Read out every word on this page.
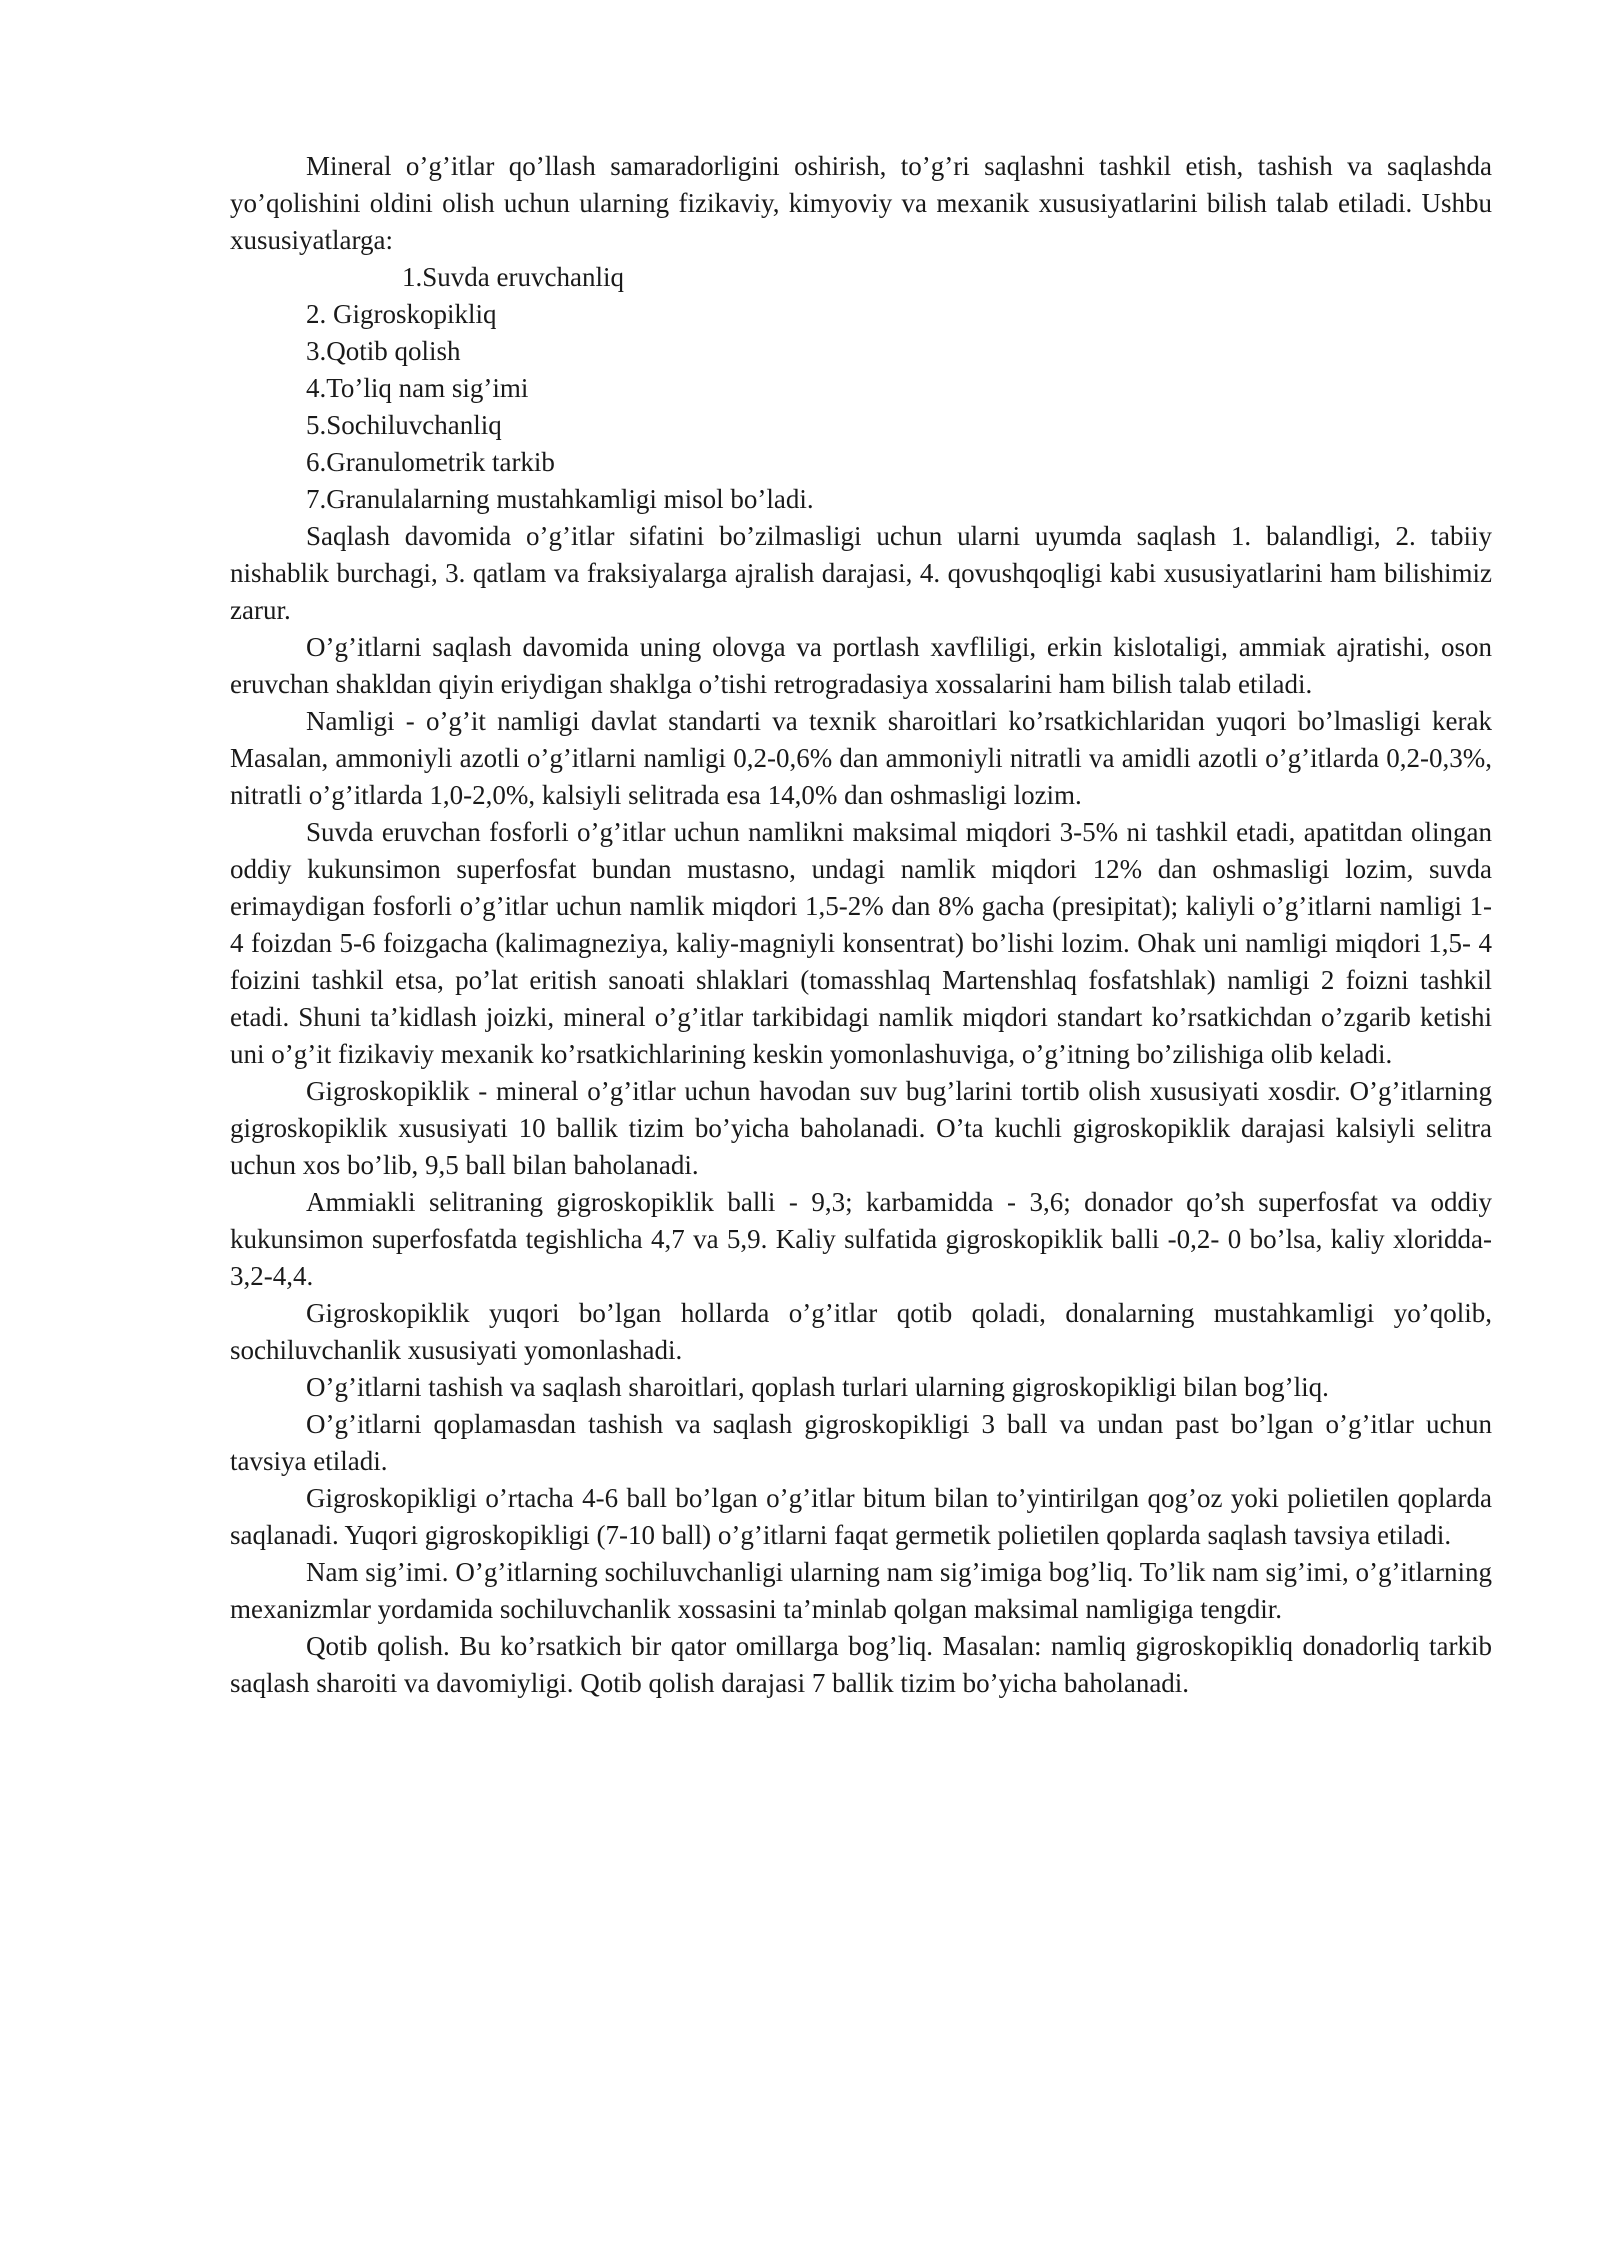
Mineral o’g’itlar qo’llash samaradorligini oshirish, to’g’ri saqlashni tashkil etish, tashish va saqlashda yo’qolishini oldini olish uchun ularning fizikaviy, kimyoviy va mexanik xususiyatlarini bilish talab etiladi. Ushbu xususiyatlarga:

1.Suvda eruvchanliq
2. Gigroskopikliq
3.Qotib qolish
4.To’liq nam sig’imi
5.Sochiluvchanliq
6.Granulometrik tarkib
7.Granulalarning mustahkamligi misol bo’ladi.

Saqlash davomida o’g’itlar sifatini bo’zilmasligi uchun ularni uyumda saqlash 1. balandligi, 2. tabiiy nishablik burchagi, 3. qatlam va fraksiyalarga ajralish darajasi, 4. qovushqoqligi kabi xususiyatlarini ham bilishimiz zarur.

O’g’itlarni saqlash davomida uning olovga va portlash xavfliligi, erkin kislotaligi, ammiak ajratishi, oson eruvchan shakldan qiyin eriydigan shaklga o’tishi retrogradasiya xossalarini ham bilish talab etiladi.

Namligi - o’g’it namligi davlat standarti va texnik sharoitlari ko’rsatkichlaridan yuqori bo’lmasligi kerak Masalan, ammoniyli azotli o’g’itlarni namligi 0,2-0,6% dan ammoniyli nitratli va amidli azotli o’g’itlarda 0,2-0,3%, nitratli o’g’itlarda 1,0-2,0%, kalsiyli selitrada esa 14,0% dan oshmasligi lozim.

Suvda eruvchan fosforli o’g’itlar uchun namlikni maksimal miqdori 3-5% ni tashkil etadi, apatitdan olingan oddiy kukunsimon superfosfat bundan mustasno, undagi namlik miqdori 12% dan oshmasligi lozim, suvda erimaydigan fosforli o’g’itlar uchun namlik miqdori 1,5-2% dan 8% gacha (presipitat); kaliyli o’g’itlarni namligi 1-4 foizdan 5-6 foizgacha (kalimagneziya, kaliy-magniyli konsentrat) bo’lishi lozim. Ohak uni namligi miqdori 1,5- 4 foizini tashkil etsa, po’lat eritish sanoati shlaklari (tomasshlaq Martenshlaq fosfatshlak) namligi 2 foizni tashkil etadi. Shuni ta’kidlash joizki, mineral o’g’itlar tarkibidagi namlik miqdori standart ko’rsatkichdan o’zgarib ketishi uni o’g’it fizikaviy mexanik ko’rsatkichlarining keskin yomonlashuviga, o’g’itning bo’zilishiga olib keladi.

Gigroskopiklik - mineral o’g’itlar uchun havodan suv bug’larini tortib olish xususiyati xosdir. O’g’itlarning gigroskopiklik xususiyati 10 ballik tizim bo’yicha baholanadi. O’ta kuchli gigroskopiklik darajasi kalsiyli selitra uchun xos bo’lib, 9,5 ball bilan baholanadi.

Ammiakli selitraning gigroskopiklik balli - 9,3; karbamidda - 3,6; donador qo’sh superfosfat va oddiy kukunsimon superfosfatda tegishlicha 4,7 va 5,9. Kaliy sulfatida gigroskopiklik balli -0,2- 0 bo’lsa, kaliy xloridda- 3,2-4,4.

Gigroskopiklik yuqori bo’lgan hollarda o’g’itlar qotib qoladi, donalarning mustahkamligi yo’qolib, sochiluvchanlik xususiyati yomonlashadi.

O’g’itlarni tashish va saqlash sharoitlari, qoplash turlari ularning gigroskopikligi bilan bog’liq.

O’g’itlarni qoplamasdan tashish va saqlash gigroskopikligi 3 ball va undan past bo’lgan o’g’itlar uchun tavsiya etiladi.

Gigroskopikligi o’rtacha 4-6 ball bo’lgan o’g’itlar bitum bilan to’yintirilgan qog’oz yoki polietilen qoplarda saqlanadi. Yuqori gigroskopikligi (7-10 ball) o’g’itlarni faqat germetik polietilen qoplarda saqlash tavsiya etiladi.

Nam sig’imi. O’g’itlarning sochiluvchanligi ularning nam sig’imiga bog’liq. To’lik nam sig’imi, o’g’itlarning mexanizmlar yordamida sochiluvchanlik xossasini ta’minlab qolgan maksimal namligiga tengdir.

Qotib qolish. Bu ko’rsatkich bir qator omillarga bog’liq. Masalan: namliq gigroskopikliq donadorliq tarkib saqlash sharoiti va davomiyligi. Qotib qolish darajasi 7 ballik tizim bo’yicha baholanadi.
